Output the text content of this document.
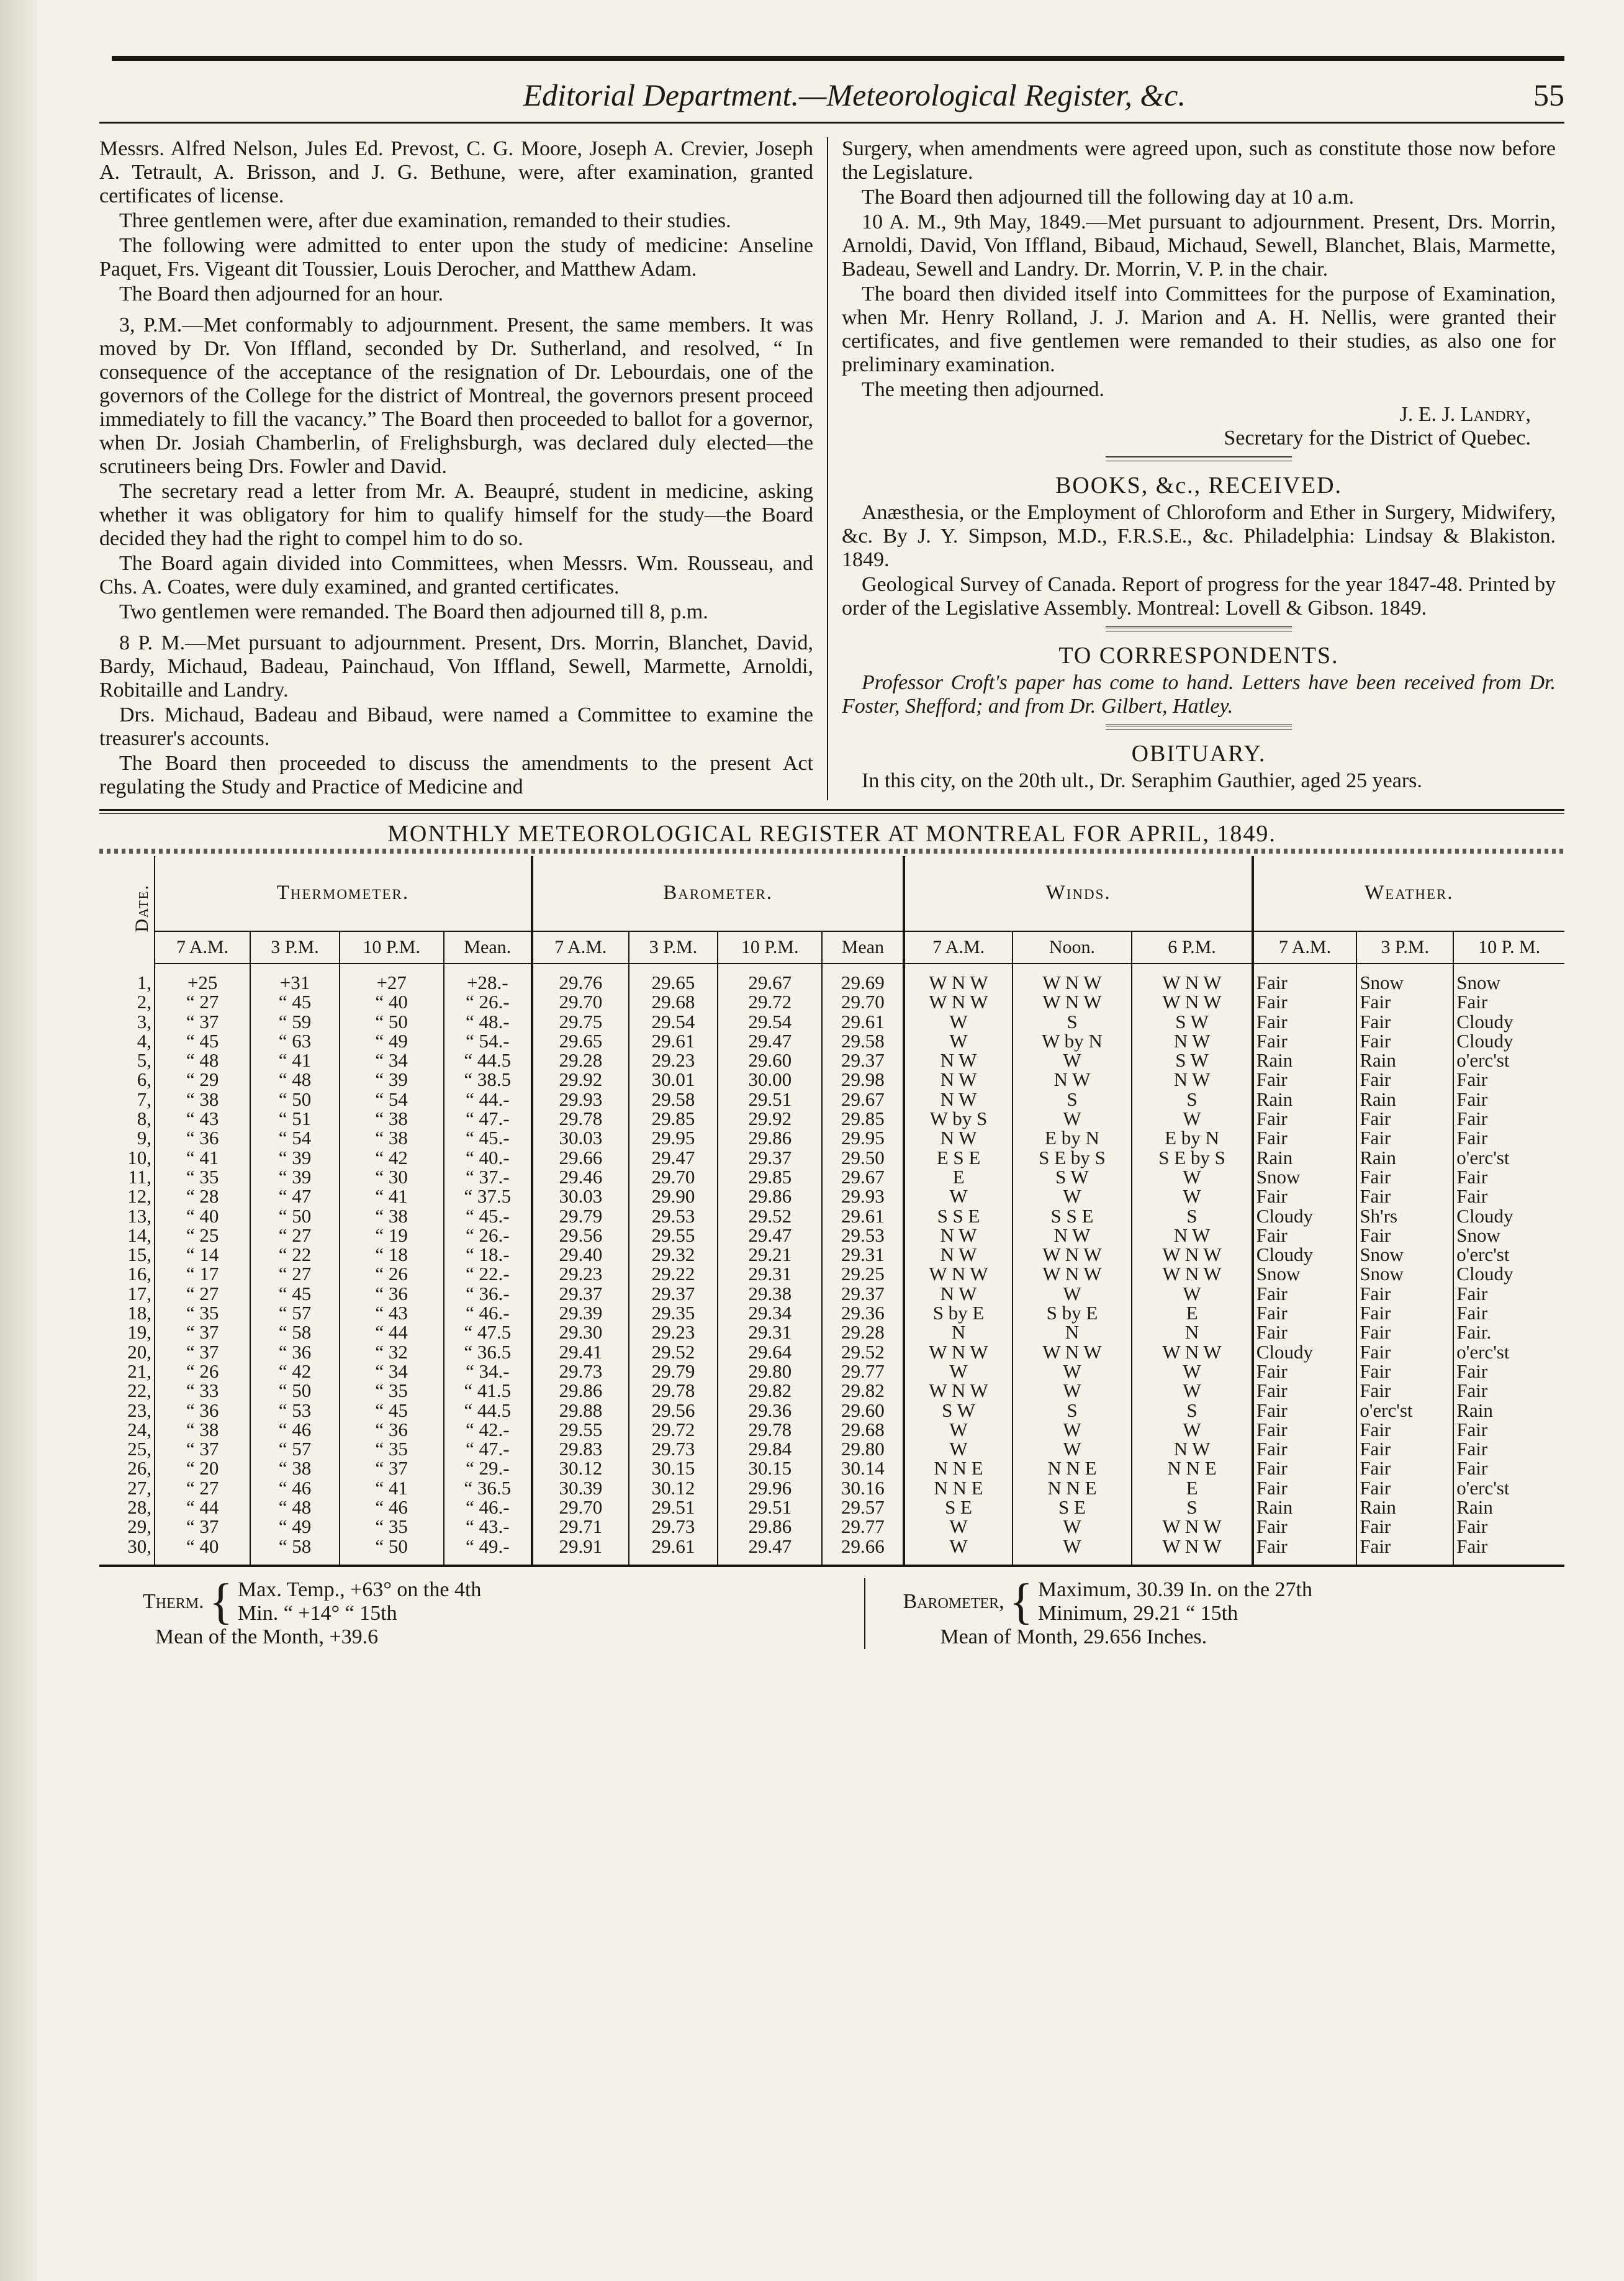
Editorial Department.—Meteorological Register, &c.	55

Messrs. Alfred Nelson, Jules Ed. Prevost, C. G. Moore, Joseph A. Crevier, Joseph A. Tetrault, A. Brisson, and J. G. Bethune, were, after examination, granted certificates of license.

Three gentlemen were, after due examination, remanded to their studies.

The following were admitted to enter upon the study of medicine: Anseline Paquet, Frs. Vigeant dit Toussier, Louis Derocher, and Matthew Adam.

The Board then adjourned for an hour.

3, P.M.—Met conformably to adjournment. Present, the same members. It was moved by Dr. Von Iffland, seconded by Dr. Sutherland, and resolved, “ In consequence of the acceptance of the resignation of Dr. Lebourdais, one of the governors of the College for the district of Montreal, the governors present proceed immediately to fill the vacancy.” The Board then proceeded to ballot for a governor, when Dr. Josiah Chamberlin, of Frelighsburgh, was declared duly elected—the scrutineers being Drs. Fowler and David.

The secretary read a letter from Mr. A. Beaupré, student in medicine, asking whether it was obligatory for him to qualify himself for the study—the Board decided they had the right to compel him to do so.

The Board again divided into Committees, when Messrs. Wm. Rousseau, and Chs. A. Coates, were duly examined, and granted certificates.

Two gentlemen were remanded. The Board then adjourned till 8, p.m.

8 P. M.—Met pursuant to adjournment. Present, Drs. Morrin, Blanchet, David, Bardy, Michaud, Badeau, Painchaud, Von Iffland, Sewell, Marmette, Arnoldi, Robitaille and Landry.

Drs. Michaud, Badeau and Bibaud, were named a Committee to examine the treasurer's accounts.

The Board then proceeded to discuss the amendments to the present Act regulating the Study and Practice of Medicine and

Surgery, when amendments were agreed upon, such as constitute those now before the Legislature.

The Board then adjourned till the following day at 10 a.m.

10 A. M., 9th May, 1849.—Met pursuant to adjournment. Present, Drs. Morrin, Arnoldi, David, Von Iffland, Bibaud, Michaud, Sewell, Blanchet, Blais, Marmette, Badeau, Sewell and Landry. Dr. Morrin, V. P. in the chair.

The board then divided itself into Committees for the purpose of Examination, when Mr. Henry Rolland, J. J. Marion and A. H. Nellis, were granted their certificates, and five gentlemen were remanded to their studies, as also one for preliminary examination.

The meeting then adjourned.

J. E. J. Landry,
Secretary for the District of Quebec.
BOOKS, &c., RECEIVED.

Anæsthesia, or the Employment of Chloroform and Ether in Surgery, Midwifery, &c. By J. Y. Simpson, M.D., F.R.S.E., &c. Philadelphia: Lindsay & Blakiston. 1849.

Geological Survey of Canada. Report of progress for the year 1847-48. Printed by order of the Legislative Assembly. Montreal: Lovell & Gibson. 1849.

TO CORRESPONDENTS.

Professor Croft's paper has come to hand. Letters have been received from Dr. Foster, Shefford; and from Dr. Gilbert, Hatley.

OBITUARY.

In this city, on the 20th ult., Dr. Seraphim Gauthier, aged 25 years.

MONTHLY METEOROLOGICAL REGISTER AT MONTREAL FOR APRIL, 1849.
Date.	Thermometer.				Barometer.				Winds.			Weather.		
	7 A.M.	3 P.M.	10 P.M.	Mean.	7 A.M.	3 P.M.	10 P.M.	Mean	7 A.M.	Noon.	6 P.M.	7 A.M.	3 P.M.	10 P. M.
1,	+25	+31	+27	+28.-	29.76	29.65	29.67	29.69	W N W	W N W	W N W	Fair	Snow	Snow
2,	“ 27	“ 45	“ 40	“ 26.-	29.70	29.68	29.72	29.70	W N W	W N W	W N W	Fair	Fair	Fair
3,	“ 37	“ 59	“ 50	“ 48.-	29.75	29.54	29.54	29.61	W	S	S W	Fair	Fair	Cloudy
4,	“ 45	“ 63	“ 49	“ 54.-	29.65	29.61	29.47	29.58	W	W by N	N W	Fair	Fair	Cloudy
5,	“ 48	“ 41	“ 34	“ 44.5	29.28	29.23	29.60	29.37	N W	W	S W	Rain	Rain	o'erc'st
6,	“ 29	“ 48	“ 39	“ 38.5	29.92	30.01	30.00	29.98	N W	N W	N W	Fair	Fair	Fair
7,	“ 38	“ 50	“ 54	“ 44.-	29.93	29.58	29.51	29.67	N W	S	S	Rain	Rain	Fair
8,	“ 43	“ 51	“ 38	“ 47.-	29.78	29.85	29.92	29.85	W by S	W	W	Fair	Fair	Fair
9,	“ 36	“ 54	“ 38	“ 45.-	30.03	29.95	29.86	29.95	N W	E by N	E by N	Fair	Fair	Fair
10,	“ 41	“ 39	“ 42	“ 40.-	29.66	29.47	29.37	29.50	E S E	S E by S	S E by S	Rain	Rain	o'erc'st
11,	“ 35	“ 39	“ 30	“ 37.-	29.46	29.70	29.85	29.67	E	S W	W	Snow	Fair	Fair
12,	“ 28	“ 47	“ 41	“ 37.5	30.03	29.90	29.86	29.93	W	W	W	Fair	Fair	Fair
13,	“ 40	“ 50	“ 38	“ 45.-	29.79	29.53	29.52	29.61	S S E	S S E	S	Cloudy	Sh'rs	Cloudy
14,	“ 25	“ 27	“ 19	“ 26.-	29.56	29.55	29.47	29.53	N W	N W	N W	Fair	Fair	Snow
15,	“ 14	“ 22	“ 18	“ 18.-	29.40	29.32	29.21	29.31	N W	W N W	W N W	Cloudy	Snow	o'erc'st
16,	“ 17	“ 27	“ 26	“ 22.-	29.23	29.22	29.31	29.25	W N W	W N W	W N W	Snow	Snow	Cloudy
17,	“ 27	“ 45	“ 36	“ 36.-	29.37	29.37	29.38	29.37	N W	W	W	Fair	Fair	Fair
18,	“ 35	“ 57	“ 43	“ 46.-	29.39	29.35	29.34	29.36	S by E	S by E	E	Fair	Fair	Fair
19,	“ 37	“ 58	“ 44	“ 47.5	29.30	29.23	29.31	29.28	N	N	N	Fair	Fair	Fair.
20,	“ 37	“ 36	“ 32	“ 36.5	29.41	29.52	29.64	29.52	W N W	W N W	W N W	Cloudy	Fair	o'erc'st
21,	“ 26	“ 42	“ 34	“ 34.-	29.73	29.79	29.80	29.77	W	W	W	Fair	Fair	Fair
22,	“ 33	“ 50	“ 35	“ 41.5	29.86	29.78	29.82	29.82	W N W	W	W	Fair	Fair	Fair
23,	“ 36	“ 53	“ 45	“ 44.5	29.88	29.56	29.36	29.60	S W	S	S	Fair	o'erc'st	Rain
24,	“ 38	“ 46	“ 36	“ 42.-	29.55	29.72	29.78	29.68	W	W	W	Fair	Fair	Fair
25,	“ 37	“ 57	“ 35	“ 47.-	29.83	29.73	29.84	29.80	W	W	N W	Fair	Fair	Fair
26,	“ 20	“ 38	“ 37	“ 29.-	30.12	30.15	30.15	30.14	N N E	N N E	N N E	Fair	Fair	Fair
27,	“ 27	“ 46	“ 41	“ 36.5	30.39	30.12	29.96	30.16	N N E	N N E	E	Fair	Fair	o'erc'st
28,	“ 44	“ 48	“ 46	“ 46.-	29.70	29.51	29.51	29.57	S E	S E	S	Rain	Rain	Rain
29,	“ 37	“ 49	“ 35	“ 43.-	29.71	29.73	29.86	29.77	W	W	W N W	Fair	Fair	Fair
30,	“ 40	“ 58	“ 50	“ 49.-	29.91	29.61	29.47	29.66	W	W	W N W	Fair	Fair	Fair
Therm. { Max. Temp., +63° on the 4th
Min. “ +14° “ 15th
Mean of the Month, +39.6
Barometer, { Maximum, 30.39 In. on the 27th
Minimum, 29.21 “ 15th
Mean of Month, 29.656 Inches.
